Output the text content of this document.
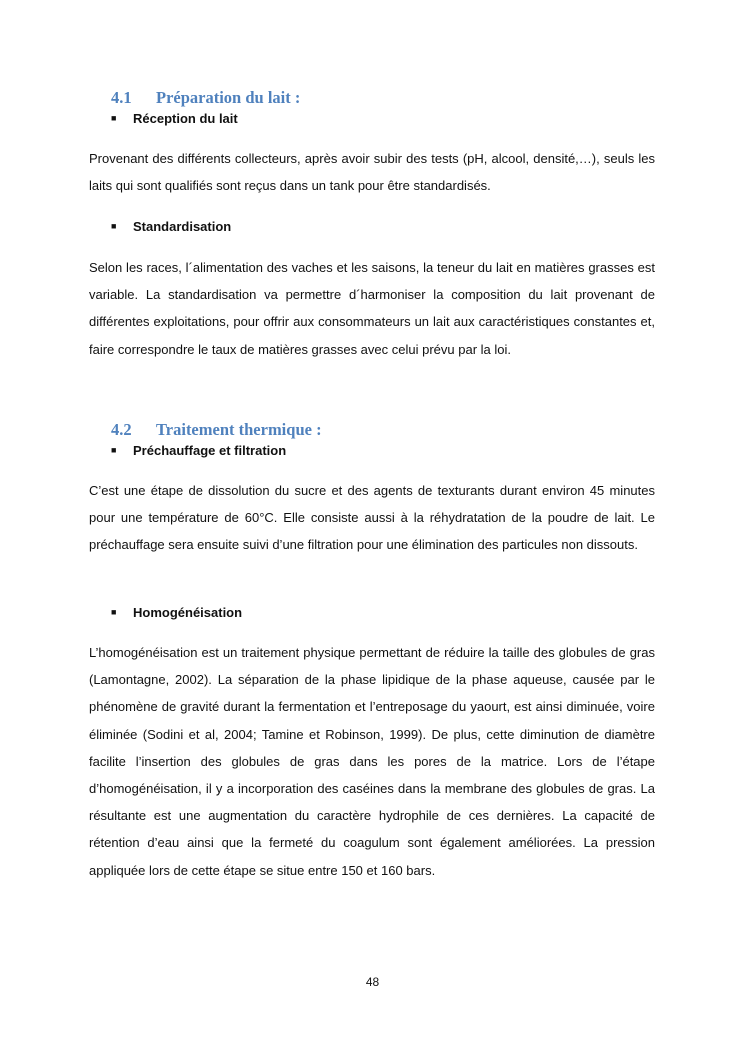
4.1 Préparation du lait :

■ Réception du lait

Provenant des différents collecteurs, après avoir subir des tests (pH, alcool, densité,…), seuls les laits qui sont qualifiés sont reçus dans un tank pour être standardisés.

■ Standardisation

Selon les races, l´alimentation des vaches et les saisons, la teneur du lait en matières grasses est variable. La standardisation va permettre d´harmoniser la composition du lait provenant de différentes exploitations, pour offrir aux consommateurs un lait aux caractéristiques constantes et, faire correspondre le taux de matières grasses avec celui prévu par la loi.

4.2 Traitement thermique :

■ Préchauffage et filtration

C’est une étape de dissolution du sucre et des agents de texturants durant environ 45 minutes pour une température de 60°C. Elle consiste aussi à la réhydratation de la poudre de lait. Le préchauffage sera ensuite suivi d’une filtration pour une élimination des particules non dissouts.

■ Homogénéisation

L’homogénéisation est un traitement physique permettant de réduire la taille des globules de gras (Lamontagne, 2002). La séparation de la phase lipidique de la phase aqueuse, causée par le phénomène de gravité durant la fermentation et l’entreposage du yaourt, est ainsi diminuée, voire éliminée (Sodini et al, 2004; Tamine et Robinson, 1999). De plus, cette diminution de diamètre facilite l’insertion des globules de gras dans les pores de la matrice. Lors de l’étape d’homogénéisation, il y a incorporation des caséines dans la membrane des globules de gras. La résultante est une augmentation du caractère hydrophile de ces dernières. La capacité de rétention d’eau ainsi que la fermeté du coagulum sont également améliorées. La pression appliquée lors de cette étape se situe entre 150 et 160 bars.

48
